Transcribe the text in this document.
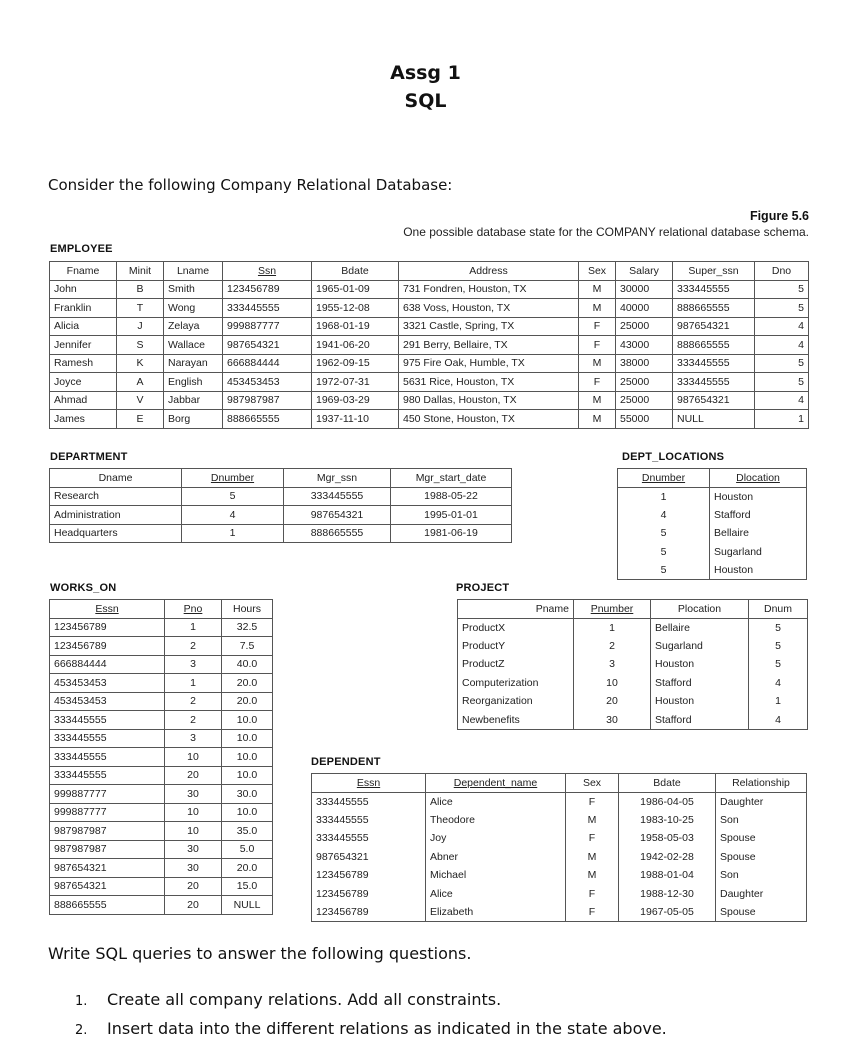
Assg 1
SQL
Consider the following Company Relational Database:
Figure 5.6
One possible database state for the COMPANY relational database schema.
EMPLOYEE
Fname	Minit	Lname	Ssn	Bdate	Address	Sex	Salary	Super_ssn	Dno
John	B	Smith	123456789	1965-01-09	731 Fondren, Houston, TX	M	30000	333445555	5
Franklin	T	Wong	333445555	1955-12-08	638 Voss, Houston, TX	M	40000	888665555	5
Alicia	J	Zelaya	999887777	1968-01-19	3321 Castle, Spring, TX	F	25000	987654321	4
Jennifer	S	Wallace	987654321	1941-06-20	291 Berry, Bellaire, TX	F	43000	888665555	4
Ramesh	K	Narayan	666884444	1962-09-15	975 Fire Oak, Humble, TX	M	38000	333445555	5
Joyce	A	English	453453453	1972-07-31	5631 Rice, Houston, TX	F	25000	333445555	5
Ahmad	V	Jabbar	987987987	1969-03-29	980 Dallas, Houston, TX	M	25000	987654321	4
James	E	Borg	888665555	1937-11-10	450 Stone, Houston, TX	M	55000	NULL	1
DEPARTMENT
Dname	Dnumber	Mgr_ssn	Mgr_start_date
Research	5	333445555	1988-05-22
Administration	4	987654321	1995-01-01
Headquarters	1	888665555	1981-06-19
DEPT_LOCATIONS
Dnumber	Dlocation
1	Houston
4	Stafford
5	Bellaire
5	Sugarland
5	Houston
WORKS_ON
Essn	Pno	Hours
123456789	1	32.5
123456789	2	7.5
666884444	3	40.0
453453453	1	20.0
453453453	2	20.0
333445555	2	10.0
333445555	3	10.0
333445555	10	10.0
333445555	20	10.0
999887777	30	30.0
999887777	10	10.0
987987987	10	35.0
987987987	30	5.0
987654321	30	20.0
987654321	20	15.0
888665555	20	NULL
PROJECT
Pname	Pnumber	Plocation	Dnum
ProductX	1	Bellaire	5
ProductY	2	Sugarland	5
ProductZ	3	Houston	5
Computerization	10	Stafford	4
Reorganization	20	Houston	1
Newbenefits	30	Stafford	4
DEPENDENT
Essn	Dependent_name	Sex	Bdate	Relationship
333445555	Alice	F	1986-04-05	Daughter
333445555	Theodore	M	1983-10-25	Son
333445555	Joy	F	1958-05-03	Spouse
987654321	Abner	M	1942-02-28	Spouse
123456789	Michael	M	1988-01-04	Son
123456789	Alice	F	1988-12-30	Daughter
123456789	Elizabeth	F	1967-05-05	Spouse
Write SQL queries to answer the following questions.
1. Create all company relations. Add all constraints.
2. Insert data into the different relations as indicated in the state above.
